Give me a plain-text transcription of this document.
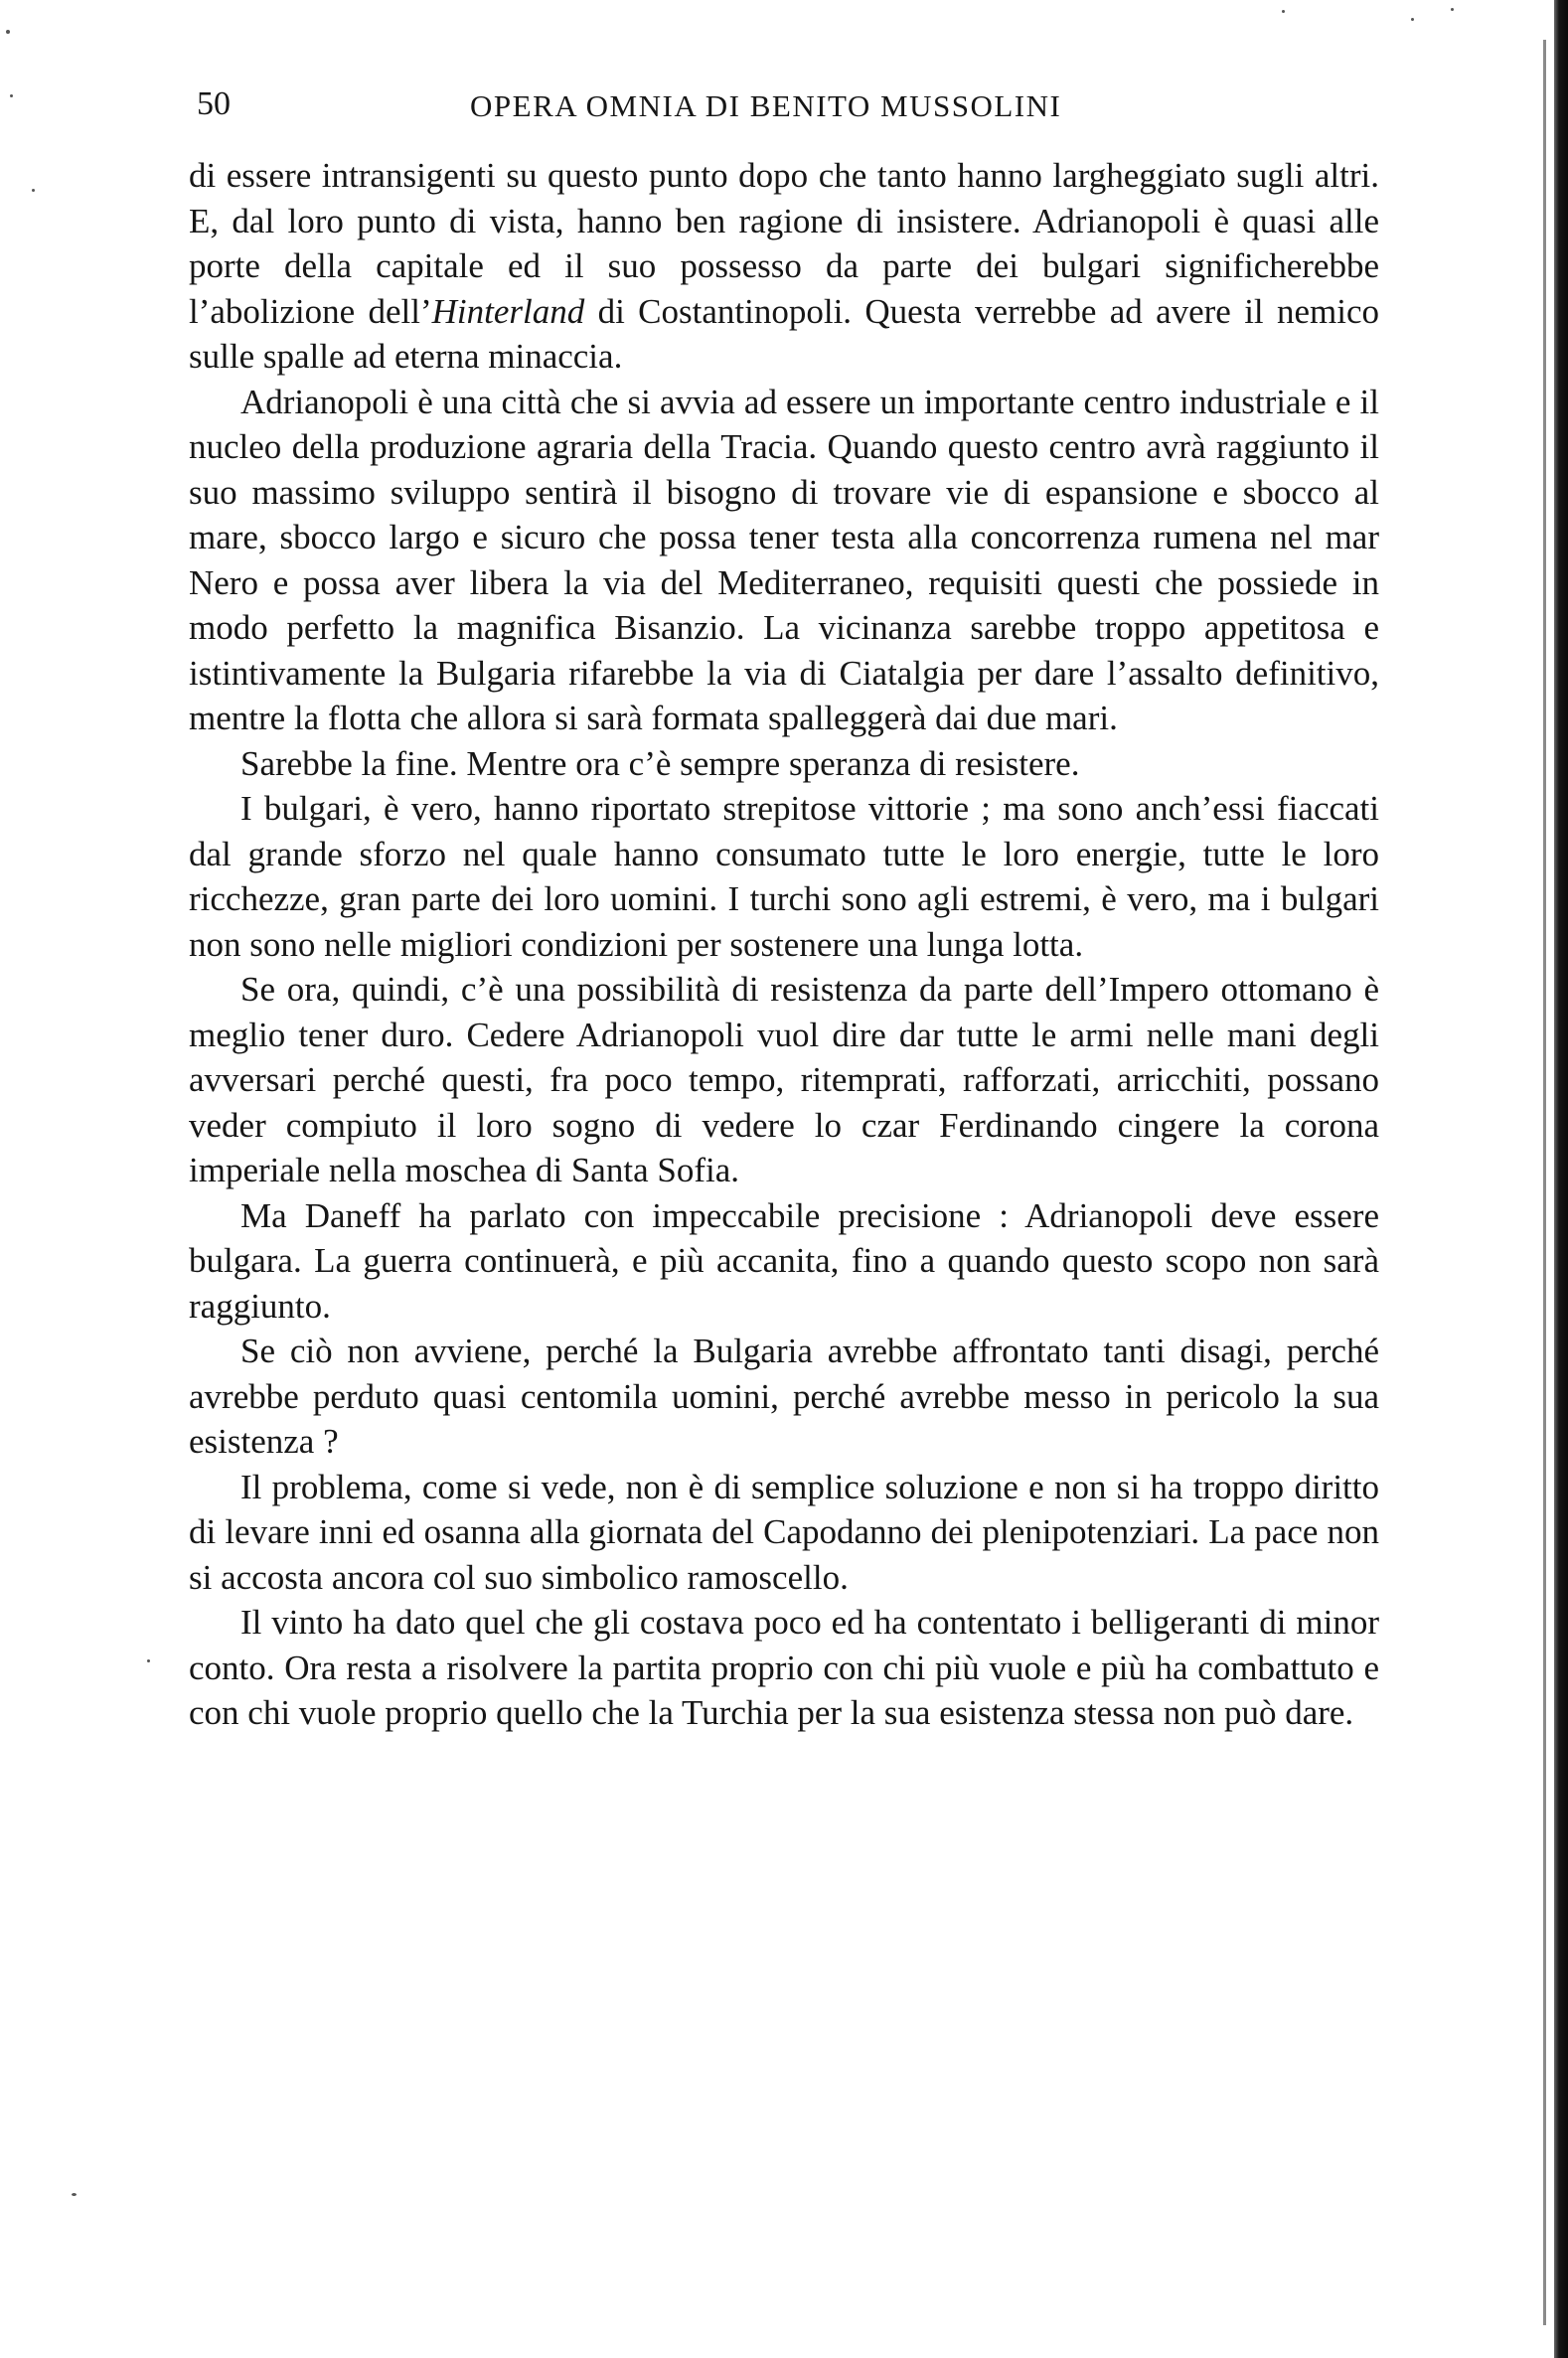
50	OPERA OMNIA DI BENITO MUSSOLINI

di essere intransigenti su questo punto dopo che tanto hanno largheggiato sugli altri. E, dal loro punto di vista, hanno ben ragione di insistere. Adrianopoli è quasi alle porte della capitale ed il suo possesso da parte dei bulgari significherebbe l’abolizione dell’Hinterland di Costantinopoli. Questa verrebbe ad avere il nemico sulle spalle ad eterna minaccia.

Adrianopoli è una città che si avvia ad essere un importante centro industriale e il nucleo della produzione agraria della Tracia. Quando questo centro avrà raggiunto il suo massimo sviluppo sentirà il bisogno di trovare vie di espansione e sbocco al mare, sbocco largo e sicuro che possa tener testa alla concorrenza rumena nel mar Nero e possa aver libera la via del Mediterraneo, requisiti questi che possiede in modo perfetto la magnifica Bisanzio. La vicinanza sarebbe troppo appetitosa e istintivamente la Bulgaria rifarebbe la via di Ciatalgia per dare l’assalto definitivo, mentre la flotta che allora si sarà formata spalleggerà dai due mari.

Sarebbe la fine. Mentre ora c’è sempre speranza di resistere.

I bulgari, è vero, hanno riportato strepitose vittorie ; ma sono anch’essi fiaccati dal grande sforzo nel quale hanno consumato tutte le loro energie, tutte le loro ricchezze, gran parte dei loro uomini. I turchi sono agli estremi, è vero, ma i bulgari non sono nelle migliori condizioni per sostenere una lunga lotta.

Se ora, quindi, c’è una possibilità di resistenza da parte dell’Impero ottomano è meglio tener duro. Cedere Adrianopoli vuol dire dar tutte le armi nelle mani degli avversari perché questi, fra poco tempo, ritemprati, rafforzati, arricchiti, possano veder compiuto il loro sogno di vedere lo czar Ferdinando cingere la corona imperiale nella moschea di Santa Sofia.

Ma Daneff ha parlato con impeccabile precisione : Adrianopoli deve essere bulgara. La guerra continuerà, e più accanita, fino a quando questo scopo non sarà raggiunto.

Se ciò non avviene, perché la Bulgaria avrebbe affrontato tanti disagi, perché avrebbe perduto quasi centomila uomini, perché avrebbe messo in pericolo la sua esistenza ?

Il problema, come si vede, non è di semplice soluzione e non si ha troppo diritto di levare inni ed osanna alla giornata del Capodanno dei plenipotenziari. La pace non si accosta ancora col suo simbolico ramoscello.

Il vinto ha dato quel che gli costava poco ed ha contentato i belligeranti di minor conto. Ora resta a risolvere la partita proprio con chi più vuole e più ha combattuto e con chi vuole proprio quello che la Turchia per la sua esistenza stessa non può dare.
